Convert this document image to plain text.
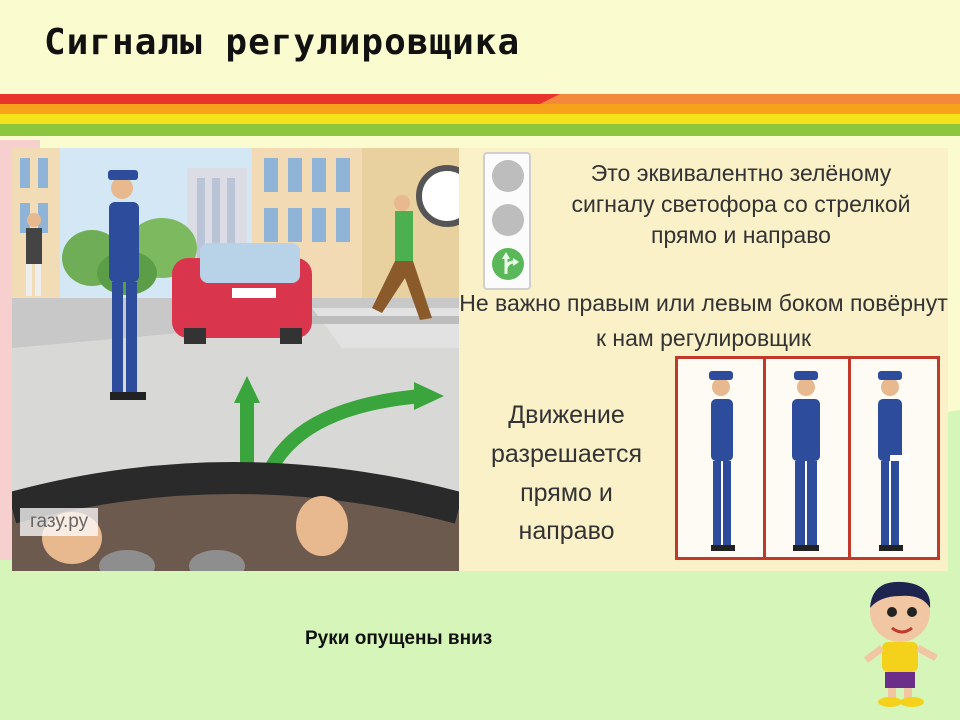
Сигналы регулировщика
газу.ру

Это эквивалентно зелёному сигналу светофора со стрелкой прямо и направо

Не важно правым или левым боком повёрнут к нам регулировщик

Движение разрешается прямо и направо

Руки опущены вниз
